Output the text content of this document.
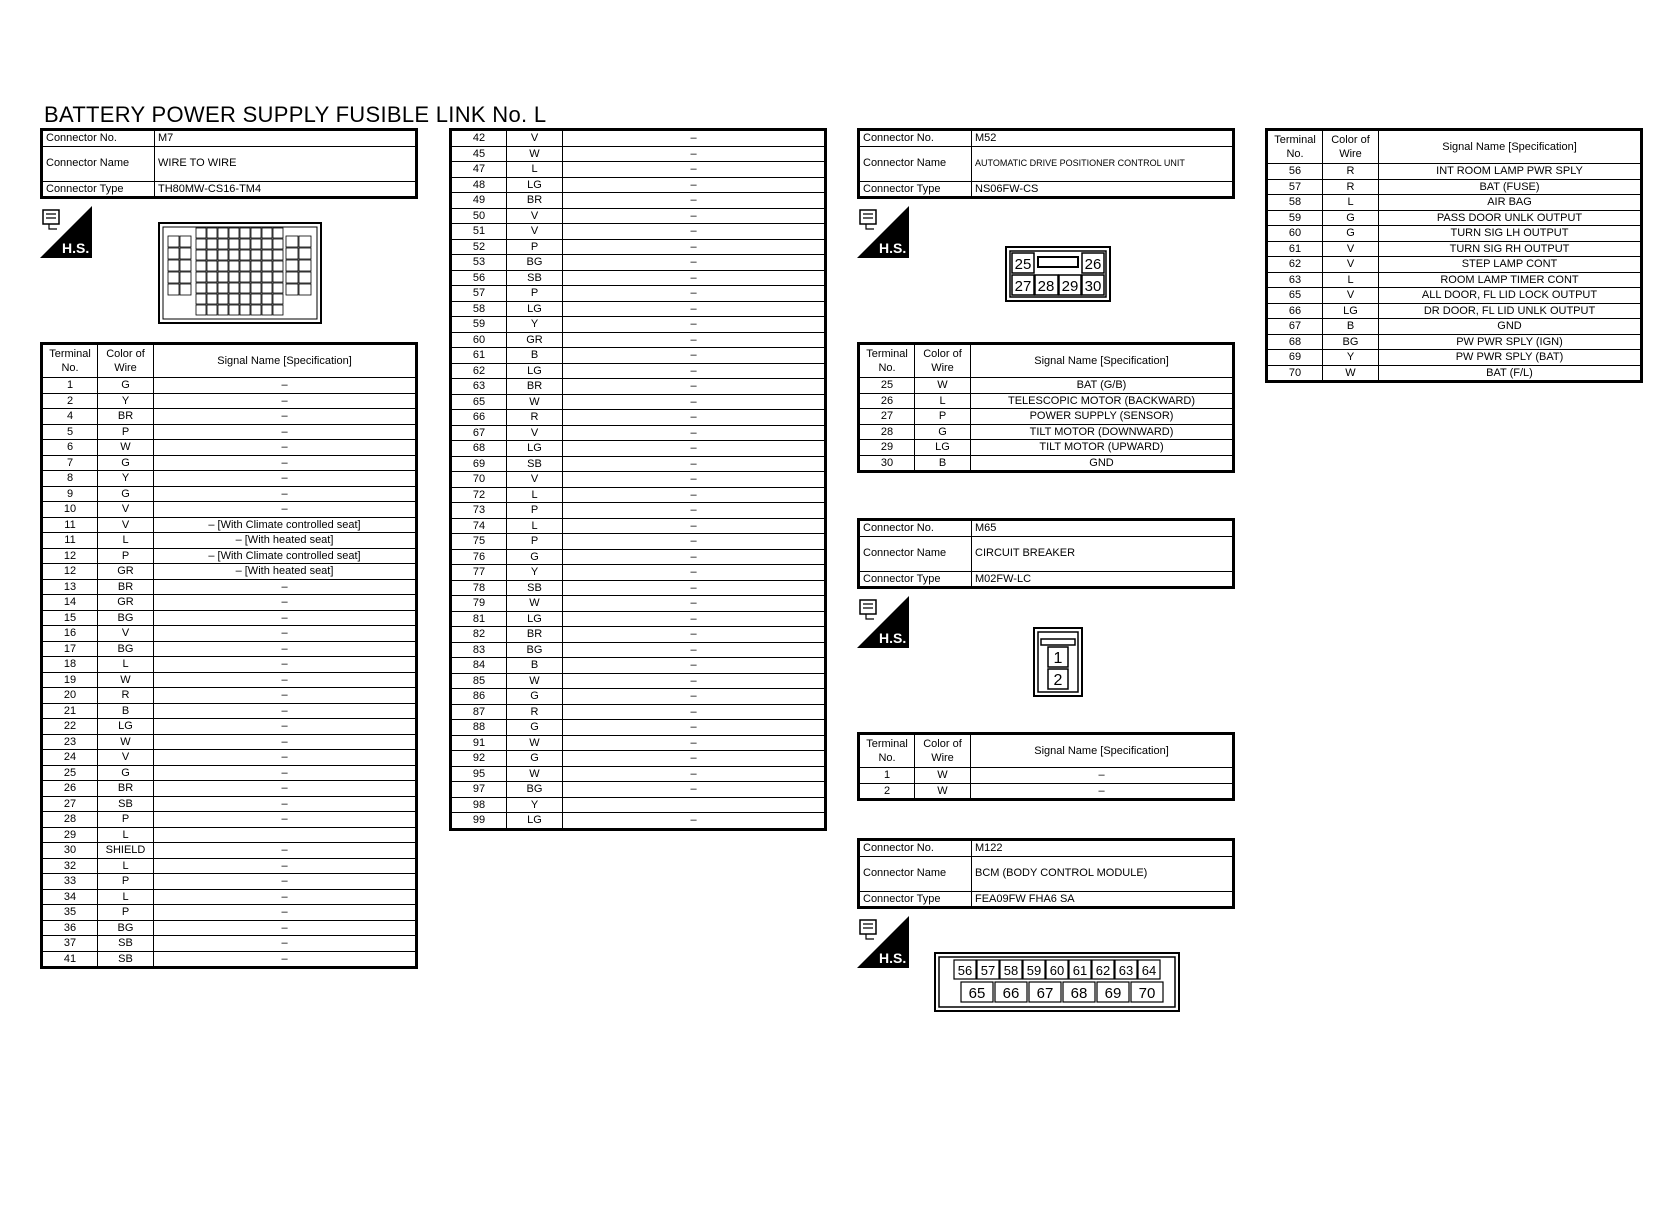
BATTERY POWER SUPPLY FUSIBLE LINK No. L
Connector No.	M7
Connector Name	WIRE TO WIRE
Connector Type	TH80MW-CS16-TM4
H.S.	H.S.
H.S.
H.S.
Terminal No.	Color of Wire	Signal Name [Specification]
1	G	–
2	Y	–
4	BR	–
5	P	–
6	W	–
7	G	–
8	Y	–
9	G	–
10	V	–
11	V	– [With Climate controlled seat]
11	L	– [With heated seat]
12	P	– [With Climate controlled seat]
12	GR	– [With heated seat]
13	BR	–
14	GR	–
15	BG	–
16	V	–
17	BG	–
18	L	–
19	W	–
20	R	–
21	B	–
22	LG	–
23	W	–
24	V	–
25	G	–
26	BR	–
27	SB	–
28	P	–
29	L	
30	SHIELD	–
32	L	–
33	P	–
34	L	–
35	P	–
36	BG	–
37	SB	–
41	SB	–
42	V	–
45	W	–
47	L	–
48	LG	–
49	BR	–
50	V	–
51	V	–
52	P	–
53	BG	–
56	SB	–
57	P	–
58	LG	–
59	Y	–
60	GR	–
61	B	–
62	LG	–
63	BR	–
65	W	–
66	R	–
67	V	–
68	LG	–
69	SB	–
70	V	–
72	L	–
73	P	–
74	L	–
75	P	–
76	G	–
77	Y	–
78	SB	–
79	W	–
81	LG	–
82	BR	–
83	BG	–
84	B	–
85	W	–
86	G	–
87	R	–
88	G	–
91	W	–
92	G	–
95	W	–
97	BG	–
98	Y	
99	LG	–
Connector No.	M52
Connector Name	AUTOMATIC DRIVE POSITIONER CONTROL UNIT
Connector Type	NS06FW-CS
25	26
27 28 29 30
Terminal No.	Color of Wire	Signal Name [Specification]
25	W	BAT (G/B)
26	L	TELESCOPIC MOTOR (BACKWARD)
27	P	POWER SUPPLY (SENSOR)
28	G	TILT MOTOR (DOWNWARD)
29	LG	TILT MOTOR (UPWARD)
30	B	GND
Connector No.	M65
Connector Name	CIRCUIT BREAKER
Connector Type	M02FW-LC
1
2
Terminal No.	Color of Wire	Signal Name [Specification]
1	W	–
2	W	–
Connector No.	M122
Connector Name	BCM (BODY CONTROL MODULE)
Connector Type	FEA09FW FHA6 SA
56 57 58 59 60 61 62 63 64
65 66 67 68 69 70
Terminal No.	Color of Wire	Signal Name [Specification]
56	R	INT ROOM LAMP PWR SPLY
57	R	BAT (FUSE)
58	L	AIR BAG
59	G	PASS DOOR UNLK OUTPUT
60	G	TURN SIG LH OUTPUT
61	V	TURN SIG RH OUTPUT
62	V	STEP LAMP CONT
63	L	ROOM LAMP TIMER CONT
65	V	ALL DOOR, FL LID LOCK OUTPUT
66	LG	DR DOOR, FL LID UNLK OUTPUT
67	B	GND
68	BG	PW PWR SPLY (IGN)
69	Y	PW PWR SPLY (BAT)
70	W	BAT (F/L)
